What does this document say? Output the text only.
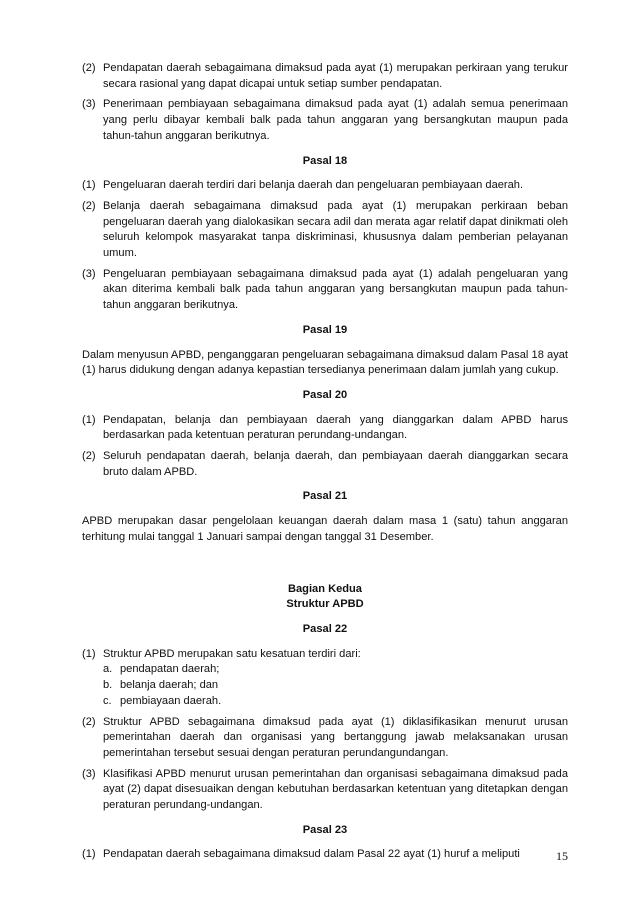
(2) Pendapatan daerah sebagaimana dimaksud pada ayat (1) merupakan perkiraan yang terukur secara rasional yang dapat dicapai untuk setiap sumber pendapatan.
(3) Penerimaan pembiayaan sebagaimana dimaksud pada ayat (1) adalah semua penerimaan yang perlu dibayar kembali balk pada tahun anggaran yang bersangkutan maupun pada tahun-tahun anggaran berikutnya.
Pasal 18
(1) Pengeluaran daerah terdiri dari belanja daerah dan pengeluaran pembiayaan daerah.
(2) Belanja daerah sebagaimana dimaksud pada ayat (1) merupakan perkiraan beban pengeluaran daerah yang dialokasikan secara adil dan merata agar relatif dapat dinikmati oleh seluruh kelompok masyarakat tanpa diskriminasi, khususnya dalam pemberian pelayanan umum.
(3) Pengeluaran pembiayaan sebagaimana dimaksud pada ayat (1) adalah pengeluaran yang akan diterima kembali balk pada tahun anggaran yang bersangkutan maupun pada tahun-tahun anggaran berikutnya.
Pasal 19
Dalam menyusun APBD, penganggaran pengeluaran sebagaimana dimaksud dalam Pasal 18 ayat (1) harus didukung dengan adanya kepastian tersedianya penerimaan dalam jumlah yang cukup.
Pasal 20
(1) Pendapatan, belanja dan pembiayaan daerah yang dianggarkan dalam APBD harus berdasarkan pada ketentuan peraturan perundang-undangan.
(2) Seluruh pendapatan daerah, belanja daerah, dan pembiayaan daerah dianggarkan secara bruto dalam APBD.
Pasal 21
APBD merupakan dasar pengelolaan keuangan daerah dalam masa 1 (satu) tahun anggaran terhitung mulai tanggal 1 Januari sampai dengan tanggal 31 Desember.
Bagian Kedua
Struktur APBD
Pasal 22
(1) Struktur APBD merupakan satu kesatuan terdiri dari:
a. pendapatan daerah;
b. belanja daerah; dan
c. pembiayaan daerah.
(2) Struktur APBD sebagaimana dimaksud pada ayat (1) diklasifikasikan menurut urusan pemerintahan daerah dan organisasi yang bertanggung jawab melaksanakan urusan pemerintahan tersebut sesuai dengan peraturan perundangundangan.
(3) Klasifikasi APBD menurut urusan pemerintahan dan organisasi sebagaimana dimaksud pada ayat (2) dapat disesuaikan dengan kebutuhan berdasarkan ketentuan yang ditetapkan dengan peraturan perundang-undangan.
Pasal 23
(1) Pendapatan daerah sebagaimana dimaksud dalam Pasal 22 ayat (1) huruf a meliputi	15
